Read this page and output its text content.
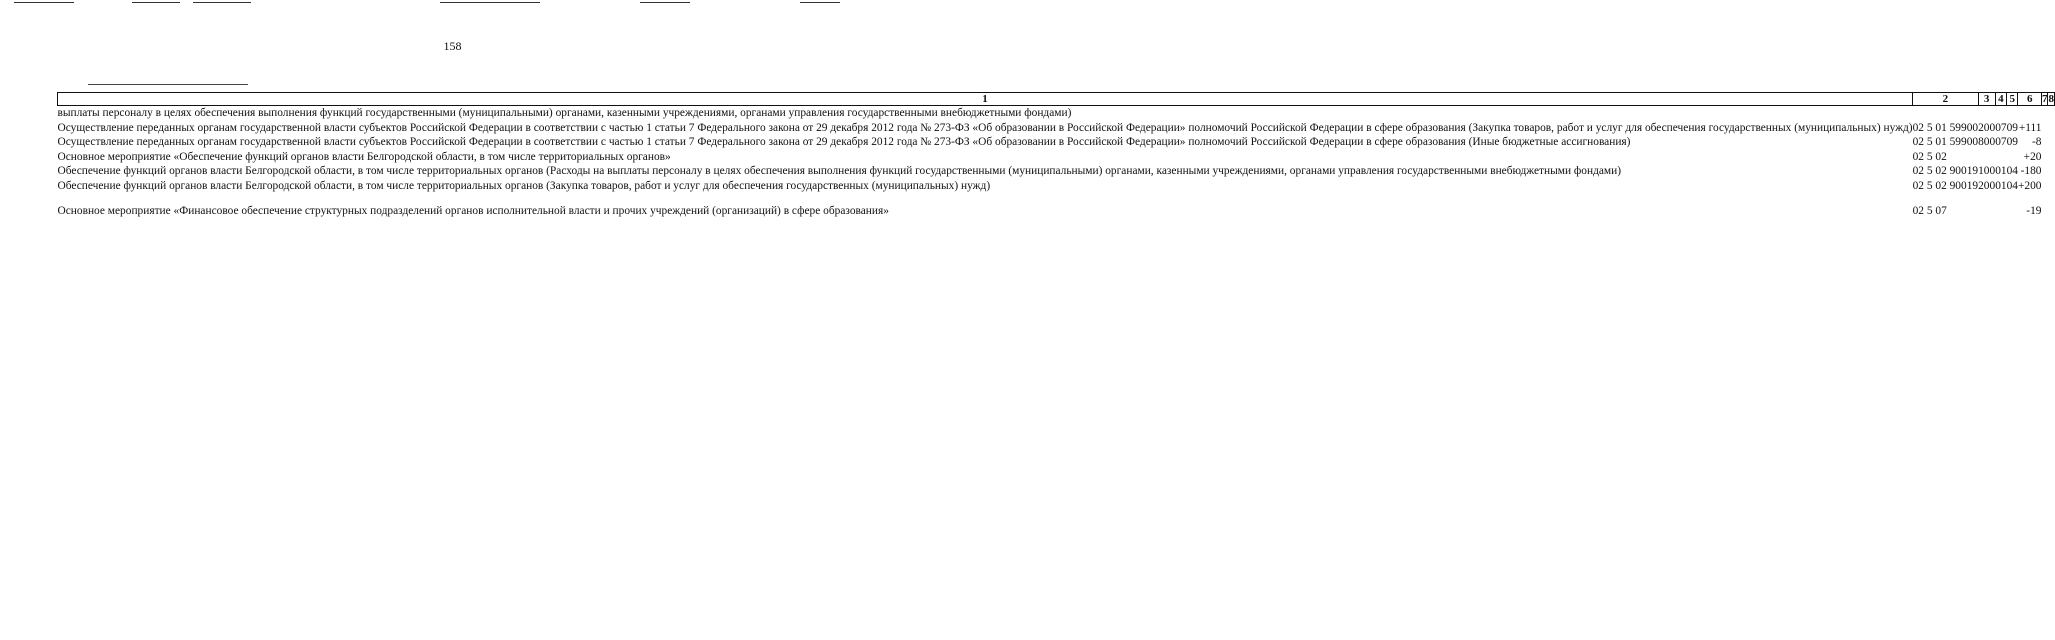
158
1	2	3	4	5	6	7	8
выплаты персоналу в целях обеспечения выполнения функций государственными (муниципальными) органами, казенными учреждениями, органами управления государственными внебюджетными фондами)							
Осуществление переданных органам государственной власти субъектов Российской Федерации в соответствии с частью 1 статьи 7 Федерального закона от 29 декабря 2012 года № 273-ФЗ «Об образовании в Российской Федерации» полномочий Российской Федерации в сфере образования (Закупка товаров, работ и услуг для обеспечения государственных (муниципальных) нужд)	02 5 01 59900	200	07	09	+111		
Осуществление переданных органам государственной власти субъектов Российской Федерации в соответствии с частью 1 статьи 7 Федерального закона от 29 декабря 2012 года № 273-ФЗ «Об образовании в Российской Федерации» полномочий Российской Федерации в сфере образования (Иные бюджетные ассигнования)	02 5 01 59900	800	07	09	-8		
Основное мероприятие «Обеспечение функций органов власти Белгородской области, в том числе территориальных органов»	02 5 02				+20		
Обеспечение функций органов власти Белгородской области, в том числе территориальных органов (Расходы на выплаты персоналу в целях обеспечения выполнения функций государственными (муниципальными) органами, казенными учреждениями, органами управления государственными внебюджетными фондами)	02 5 02 90019	100	01	04	-180		
Обеспечение функций органов власти Белгородской области, в том числе территориальных органов (Закупка товаров, работ и услуг для обеспечения государственных (муниципальных) нужд)	02 5 02 90019	200	01	04	+200		

Основное мероприятие «Финансовое обеспечение структурных подразделений органов исполнительной власти и прочих учреждений (организаций) в сфере образования»	02 5 07				-19		
